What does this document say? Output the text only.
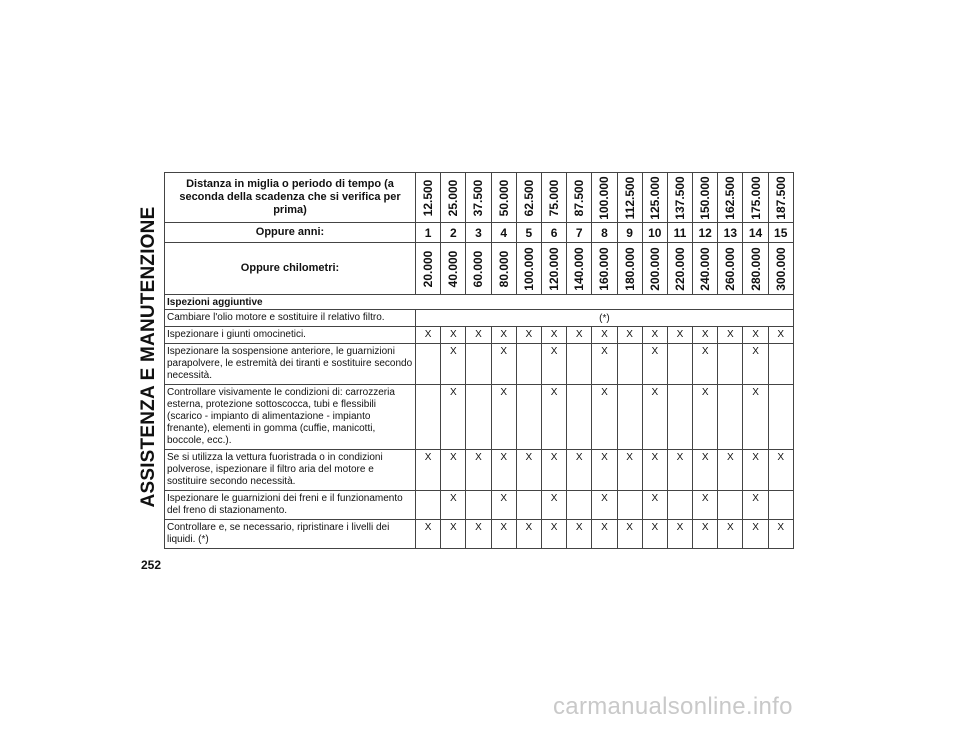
ASSISTENZA E MANUTENZIONE
252
Distanza in miglia o periodo di tempo (a seconda della scadenza che si verifica per prima)	12.500	25.000	37.500	50.000	62.500	75.000	87.500	100.000	112.500	125.000	137.500	150.000	162.500	175.000	187.500

Oppure anni:	1	2	3	4	5	6	7	8	9	10	11	12	13	14	15
Oppure chilometri:	20.000	40.000	60.000	80.000	100.000	120.000	140.000	160.000	180.000	200.000	220.000	240.000	260.000	280.000	300.000

Ispezioni aggiuntive															
Cambiare l'olio motore e sostituire il relativo filtro.	(*)														
Ispezionare i giunti omocinetici.	X	X	X	X	X	X	X	X	X	X	X	X	X	X	X
Ispezionare la sospensione anteriore, le guarnizioni parapolvere, le estremità dei tiranti e sostituire secondo necessità.		X		X		X		X		X		X		X	
Controllare visivamente le condizioni di: carrozzeria esterna, protezione sottoscocca, tubi e flessibili (scarico - impianto di alimentazione - impianto frenante), elementi in gomma (cuffie, manicotti, boccole, ecc.).		X		X		X		X		X		X		X	
Se si utilizza la vettura fuoristrada o in condizioni polverose, ispezionare il filtro aria del motore e sostituire secondo necessità.	X	X	X	X	X	X	X	X	X	X	X	X	X	X	X
Ispezionare le guarnizioni dei freni e il funzionamento del freno di stazionamento.		X		X		X		X		X		X		X	
Controllare e, se necessario, ripristinare i livelli dei liquidi. (*)	X	X	X	X	X	X	X	X	X	X	X	X	X	X	X
carmanualsonline.info
